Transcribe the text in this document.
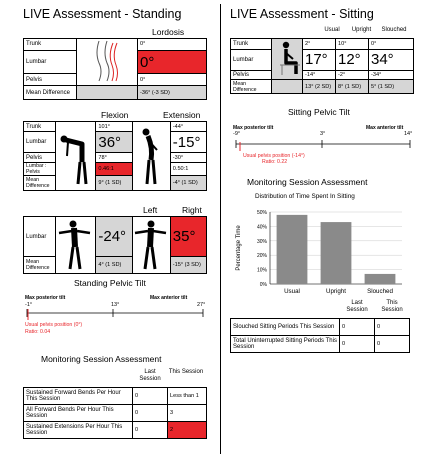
LIVE Assessment - Standing
Lordosis
Trunk		0°
Lumbar		0°
Pelvis		0°
Mean Difference		-36° (-3 SD)
Flexion	Extension
Trunk		101°		-44°
Lumbar		36°		-15°
Pelvis		78°		-30°
Lumbar : Pelvis		0.46:1		0.50:1
Mean Difference		9° (1 SD)		-4° (1 SD)
Left	Right
Lumbar		-24°		35°
Mean Difference		4° (1 SD)		-15° (3 SD)
Standing Pelvic Tilt
Max posterior tilt	Max anterior tilt
-1°	13°	27°
Usual pelvis position (0°)
Ratio: 0.04
Monitoring Session Assessment
Last Session
This Session
Sustained Forward Bends Per Hour This Session	0	Less than 1
All Forward Bends Per Hour This Session	0	3
Sustained Extensions Per Hour This Session	0	2
LIVE Assessment - Sitting
Usual	Upright	Slouched
Trunk		2°	10°	0°
Lumbar		17°	12°	34°
Pelvis		-14°	-2°	-34°
Mean Difference		13° (2 SD)	8° (1 SD)	5° (1 SD)
Sitting Pelvic Tilt
Max posterior tilt	Max anterior tilt
-9°	3°	14°
Usual pelvis position (-14°)
Ratio: 0.22
Monitoring Session Assessment
Distribution of Time Spent In Sitting
Percentage Time
0%
10%
20%
30%
40%
50%
Usual	Upright	Slouched
Last Session
This Session
Slouched Sitting Periods This Session	0	0
Total Uninterrupted Sitting Periods This Session	0	0
